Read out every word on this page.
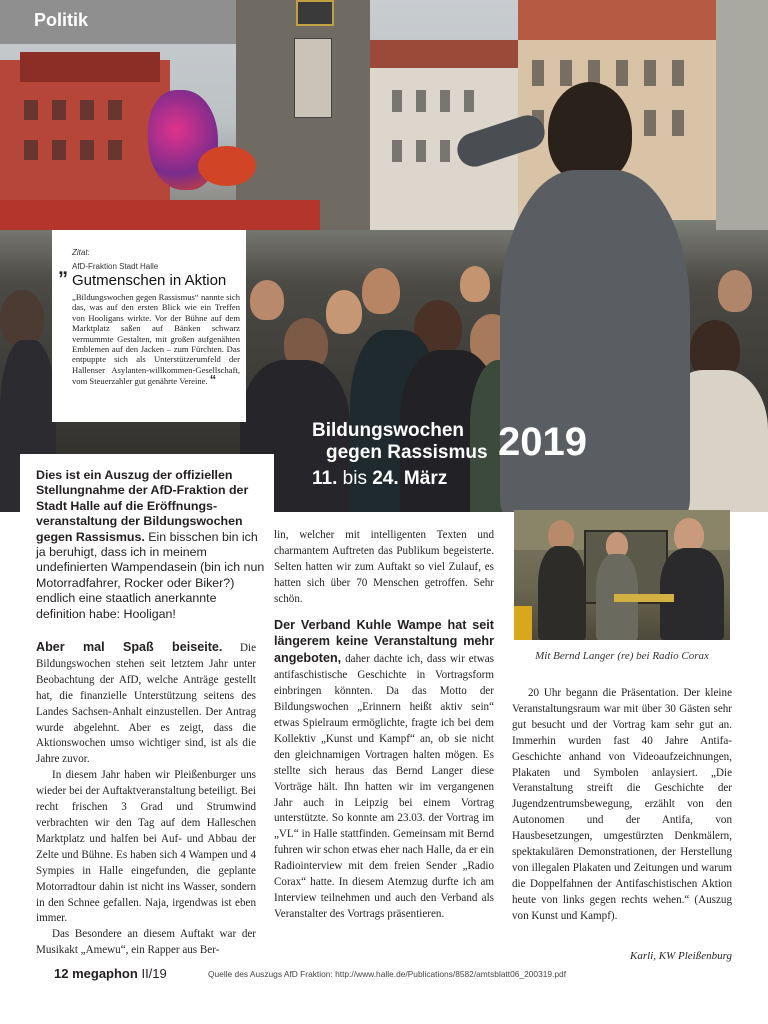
Politik
Zitat:
„ AfD-Fraktion Stadt Halle
Gutmenschen in Aktion
„Bildungswochen gegen Rassismus“ nannte sich das, was auf den ersten Blick wie ein Treffen von Hooligans wirkte. Vor der Bühne auf dem Marktplatz saßen auf Bänken schwarz vermummte Gestalten, mit großen aufgenähten Emblemen auf den Jacken – zum Fürchten. Das entpuppte sich als Unterstützerumfeld der Hallenser Asylanten-willkommen-Gesellschaft, vom Steuerzahler gut genährte Vereine. “
Bildungswochen
gegen Rassismus 2019
11. bis 24. März
Dies ist ein Auszug der offiziellen Stellungnahme der AfD-Fraktion der Stadt Halle auf die Eröffnungsveranstaltung der Bildungswochen gegen Rassismus. Ein bisschen bin ich ja beruhigt, dass ich in meinem undefinierten Wampendasein (bin ich nun Motorradfahrer, Rocker oder Biker?) endlich eine staatlich anerkannte definition habe: Hooligan!

Aber mal Spaß beiseite. Die Bildungswochen stehen seit letztem Jahr unter Beobachtung der AfD, welche Anträge gestellt hat, die finanzielle Unterstützung seitens des Landes Sachsen-Anhalt einzustellen. Der Antrag wurde abgelehnt. Aber es zeigt, dass die Aktionswochen umso wichtiger sind, ist als die Jahre zuvor.

In diesem Jahr haben wir Pleißenburger uns wieder bei der Auftaktveranstaltung beteiligt. Bei recht frischen 3 Grad und Strumwind verbrachten wir den Tag auf dem Halleschen Marktplatz und halfen bei Auf- und Abbau der Zelte und Bühne. Es haben sich 4 Wampen und 4 Sympies in Halle eingefunden, die geplante Motorradtour dahin ist nicht ins Wasser, sondern in den Schnee gefallen. Naja, irgendwas ist eben immer.

Das Besondere an diesem Auftakt war der Musikakt „Amewu“, ein Rapper aus Ber-

lin, welcher mit intelligenten Texten und charmantem Auftreten das Publikum begeisterte. Selten hatten wir zum Auftakt so viel Zulauf, es hatten sich über 70 Menschen getroffen. Sehr schön.

Der Verband Kuhle Wampe hat seit längerem keine Veranstaltung mehr angeboten, daher dachte ich, dass wir etwas antifaschistische Geschichte in Vortragsform einbringen könnten. Da das Motto der Bildungswochen „Erinnern heißt aktiv sein“ etwas Spielraum ermöglichte, fragte ich bei dem Kollektiv „Kunst und Kampf“ an, ob sie nicht den gleichnamigen Vortragen halten mögen. Es stellte sich heraus das Bernd Langer diese Vorträge hält. Ihn hatten wir im vergangenen Jahr auch in Leipzig bei einem Vortrag unterstützte. So konnte am 23.03. der Vortrag im „VL“ in Halle stattfinden. Gemeinsam mit Bernd fuhren wir schon etwas eher nach Halle, da er ein Radiointerview mit dem freien Sender „Radio Corax“ hatte. In diesem Atemzug durfte ich am Interview teilnehmen und auch den Verband als Veranstalter des Vortrags präsentieren.

Mit Bernd Langer (re) bei Radio Corax

20 Uhr begann die Präsentation. Der kleine Veranstaltungsraum war mit über 30 Gästen sehr gut besucht und der Vortrag kam sehr gut an. Immerhin wurden fast 40 Jahre Antifa-Geschichte anhand von Videoaufzeichnungen, Plakaten und Symbolen anlaysiert. „Die Veranstaltung streift die Geschichte der Jugendzentrumsbewegung, erzählt von den Autonomen und der Antifa, von Hausbesetzungen, umgestürzten Denkmälern, spektakulären Demonstrationen, der Herstellung von illegalen Plakaten und Zeitungen und warum die Doppelfahnen der Antifaschistischen Aktion heute von links gegen rechts wehen.“ (Auszug von Kunst und Kampf).

Karli, KW Pleißenburg
12 megaphon II/19	Quelle des Auszugs AfD Fraktion: http://www.halle.de/Publications/8582/amtsblatt06_200319.pdf
